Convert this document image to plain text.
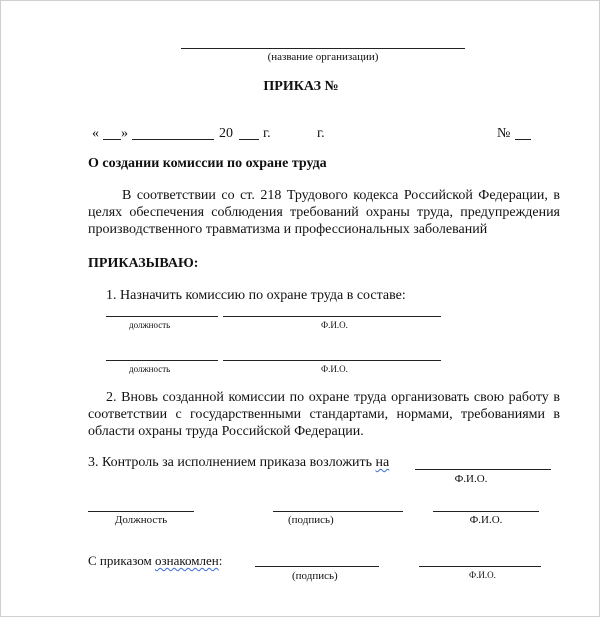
(название организации)
ПРИКАЗ №
« »	20 г.	г.	№
О создании комиссии по охране труда
В соответствии со ст. 218 Трудового кодекса Российской Федерации, в целях обеспечения соблюдения требований охраны труда, предупреждения производственного травматизма и профессиональных заболеваний
ПРИКАЗЫВАЮ:
1. Назначить комиссию по охране труда в составе:
должность	Ф.И.О.
должность	Ф.И.О.
2. Вновь созданной комиссии по охране труда организовать свою работу в соответствии с государственными стандартами, нормами, требованиями в области охраны труда Российской Федерации.
3. Контроль за исполнением приказа возложить на
Ф.И.О.
Должность	(подпись)	Ф.И.О.
С приказом ознакомлен:
(подпись)	Ф.И.О.
